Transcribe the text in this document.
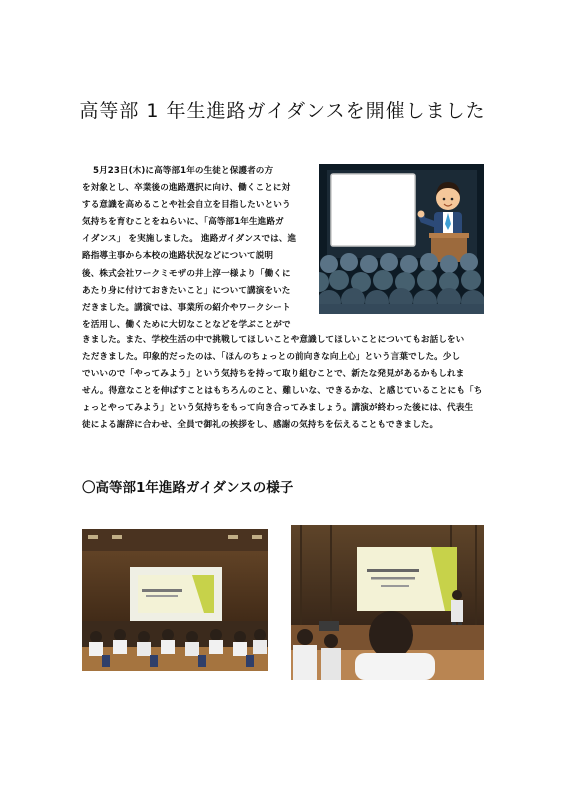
高等部 1 年生進路ガイダンスを開催しました
5月23日(木)に高等部1年の生徒と保護者の方
を対象とし、卒業後の進路選択に向け、働くことに対
する意識を高めることや社会自立を目指したいという
気持ちを育むことをねらいに、「高等部1年生進路ガ
イダンス」 を実施しました。 進路ガイダンスでは、進
路指導主事から本校の進路状況などについて説明
後、株式会社ワークミモザの井上淳一様より「働くに
あたり身に付けておきたいこと」について講演をいた
だきました。講演では、事業所の紹介やワークシート
を活用し、働くために大切なことなどを学ぶことがで
きました。また、学校生活の中で挑戦してほしいことや意識してほしいことについてもお話しをい
ただきました。印象的だったのは、「ほんのちょっとの前向きな向上心」という言葉でした。少し
でいいので「やってみよう」という気持ちを持って取り組むことで、新たな発見があるかもしれま
せん。得意なことを伸ばすことはもちろんのこと、難しいな、できるかな、と感じていることにも「ち
ょっとやってみよう」という気持ちをもって向き合ってみましょう。講演が終わった後には、代表生
徒による謝辞に合わせ、全員で御礼の挨拶をし、感謝の気持ちを伝えることもできました。
〇高等部1年進路ガイダンスの様子
